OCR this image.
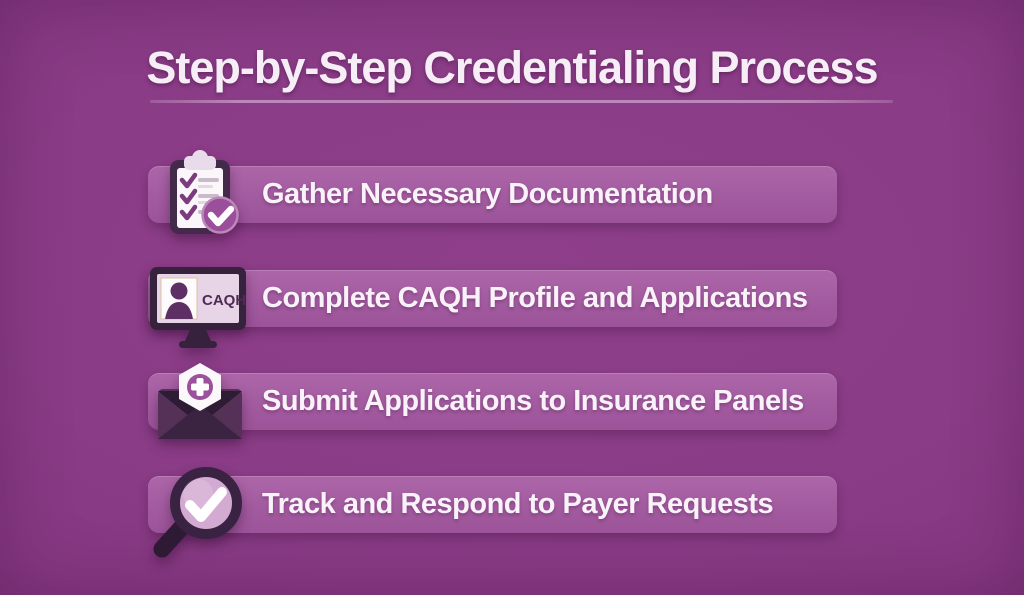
Step-by-Step Credentialing Process
Gather Necessary Documentation
Complete CAQH Profile and Applications
CAQH
Submit Applications to Insurance Panels
Track and Respond to Payer Requests
